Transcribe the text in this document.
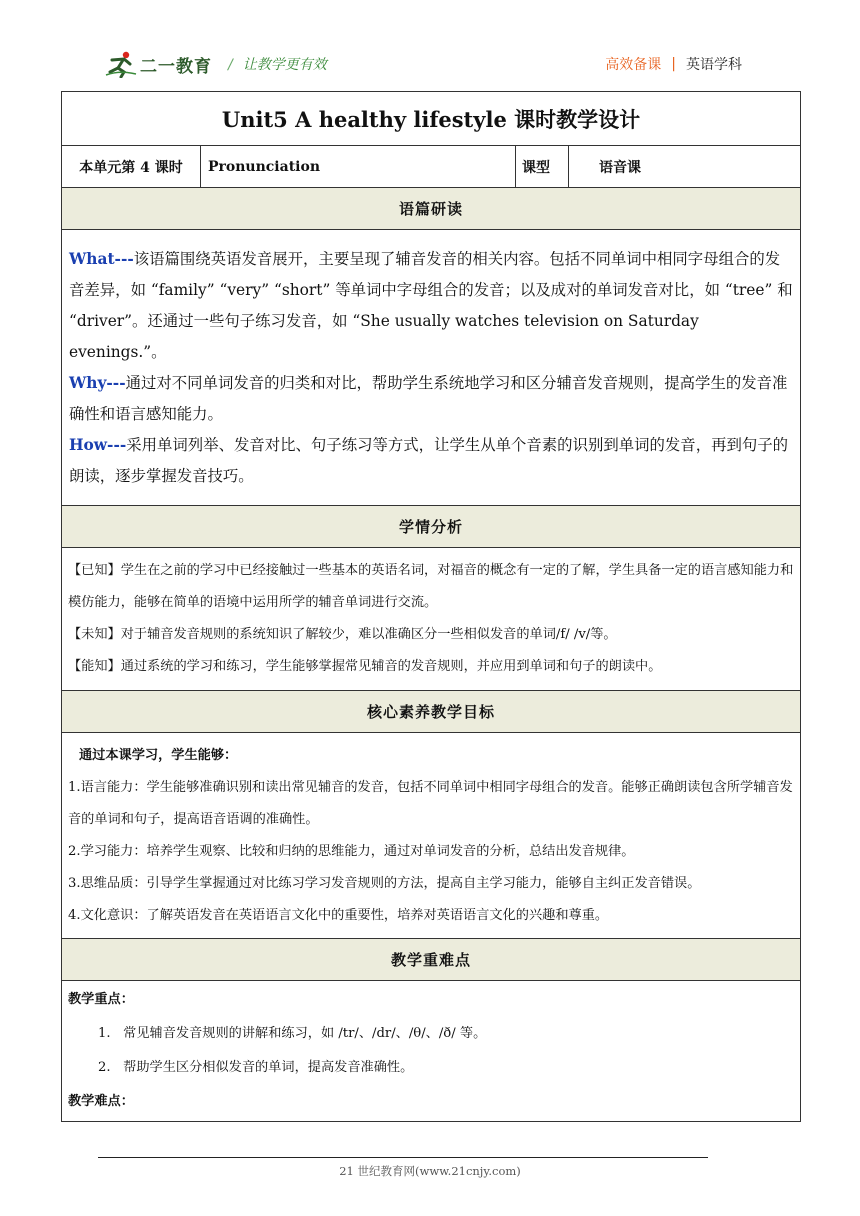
二一教育 / 让教学更有效	高效备课 | 英语学科
Unit5 A healthy lifestyle 课时教学设计
本单元第 4 课时	Pronunciation	课型	语音课
语篇研读

What---该语篇围绕英语发音展开，主要呈现了辅音发音的相关内容。包括不同单词中相同字母组合的发音差异，如 “family” “very” “short” 等单词中字母组合的发音；以及成对的单词发音对比，如 “tree” 和 “driver”。还通过一些句子练习发音，如 “She usually watches television on Saturday evenings.”。
Why---通过对不同单词发音的归类和对比，帮助学生系统地学习和区分辅音发音规则，提高学生的发音准确性和语言感知能力。
How---采用单词列举、发音对比、句子练习等方式，让学生从单个音素的识别到单词的发音，再到句子的朗读，逐步掌握发音技巧。

学情分析

【已知】学生在之前的学习中已经接触过一些基本的英语名词，对福音的概念有一定的了解，学生具备一定的语言感知能力和模仿能力，能够在简单的语境中运用所学的辅音单词进行交流。
【未知】对于辅音发音规则的系统知识了解较少，难以准确区分一些相似发音的单词/f/ /v/等。
【能知】通过系统的学习和练习，学生能够掌握常见辅音的发音规则，并应用到单词和句子的朗读中。

核心素养教学目标

通过本课学习，学生能够：
1.语言能力：学生能够准确识别和读出常见辅音的发音，包括不同单词中相同字母组合的发音。能够正确朗读包含所学辅音发音的单词和句子，提高语音语调的准确性。
2.学习能力：培养学生观察、比较和归纳的思维能力，通过对单词发音的分析，总结出发音规律。
3.思维品质：引导学生掌握通过对比练习学习发音规则的方法，提高自主学习能力，能够自主纠正发音错误。
4.文化意识：了解英语发音在英语语言文化中的重要性，培养对英语语言文化的兴趣和尊重。

教学重难点

教学重点：
1.   常见辅音发音规则的讲解和练习，如 /tr/、/dr/、/θ/、/ð/ 等。
2.   帮助学生区分相似发音的单词，提高发音准确性。
教学难点：
21 世纪教育网(www.21cnjy.com)
